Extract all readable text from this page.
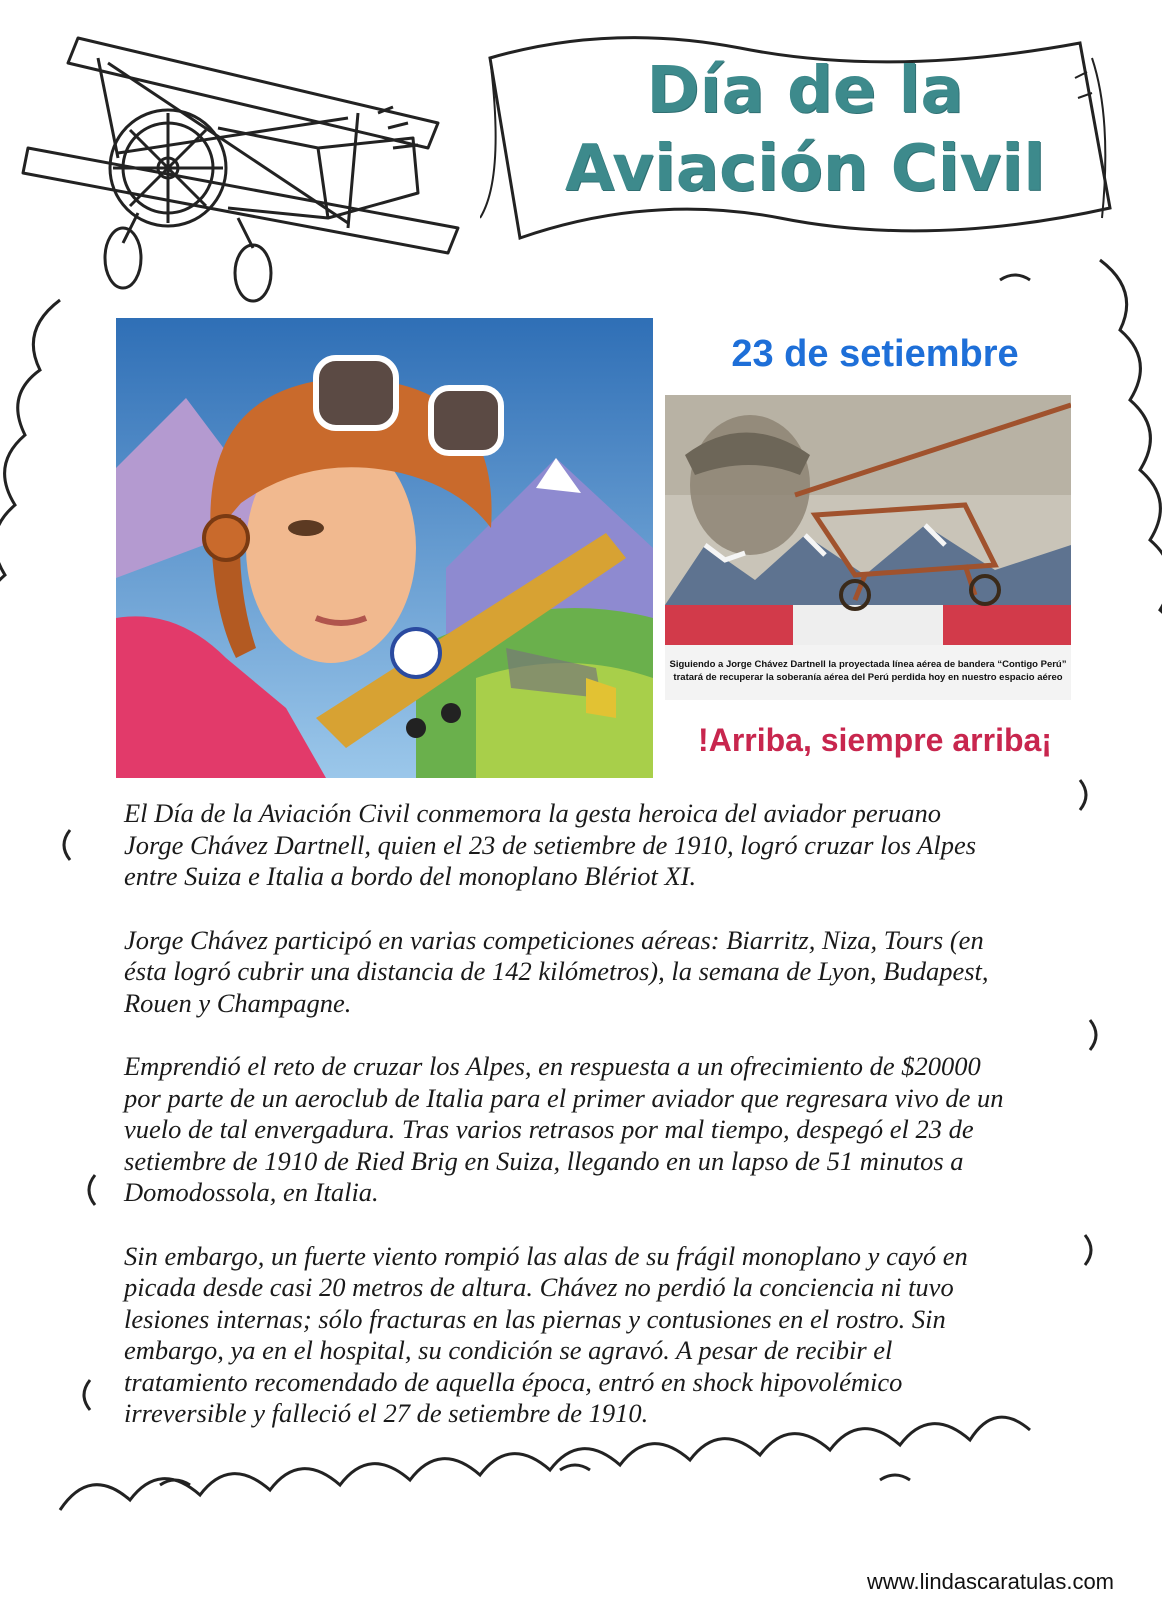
Día de la
Aviación Civil
23 de setiembre
Siguiendo a Jorge Chávez Dartnell la proyectada línea aérea de bandera “Contigo Perú” tratará de recuperar la soberanía aérea del Perú perdida hoy en nuestro espacio aéreo
!Arriba, siempre arriba¡

El Día de la Aviación Civil conmemora la gesta heroica del aviador peruano
Jorge Chávez Dartnell, quien el 23 de setiembre de 1910, logró cruzar los Alpes
entre Suiza e Italia a bordo del monoplano Blériot XI.

Jorge Chávez participó en varias competiciones aéreas: Biarritz, Niza, Tours (en
ésta logró cubrir una distancia de 142 kilómetros), la semana de Lyon, Budapest,
Rouen y Champagne.

Emprendió el reto de cruzar los Alpes, en respuesta a un ofrecimiento de $20000
por parte de un aeroclub de Italia para el primer aviador que regresara vivo de un
vuelo de tal envergadura. Tras varios retrasos por mal tiempo, despegó el 23 de
setiembre de 1910 de Ried Brig en Suiza, llegando en un lapso de 51 minutos a
Domodossola, en Italia.

Sin embargo, un fuerte viento rompió las alas de su frágil monoplano y cayó en
picada desde casi 20 metros de altura. Chávez no perdió la conciencia ni tuvo
lesiones internas; sólo fracturas en las piernas y contusiones en el rostro. Sin
embargo, ya en el hospital, su condición se agravó. A pesar de recibir el
tratamiento recomendado de aquella época, entró en shock hipovolémico
irreversible y falleció el 27 de setiembre de 1910.

www.lindascaratulas.com
